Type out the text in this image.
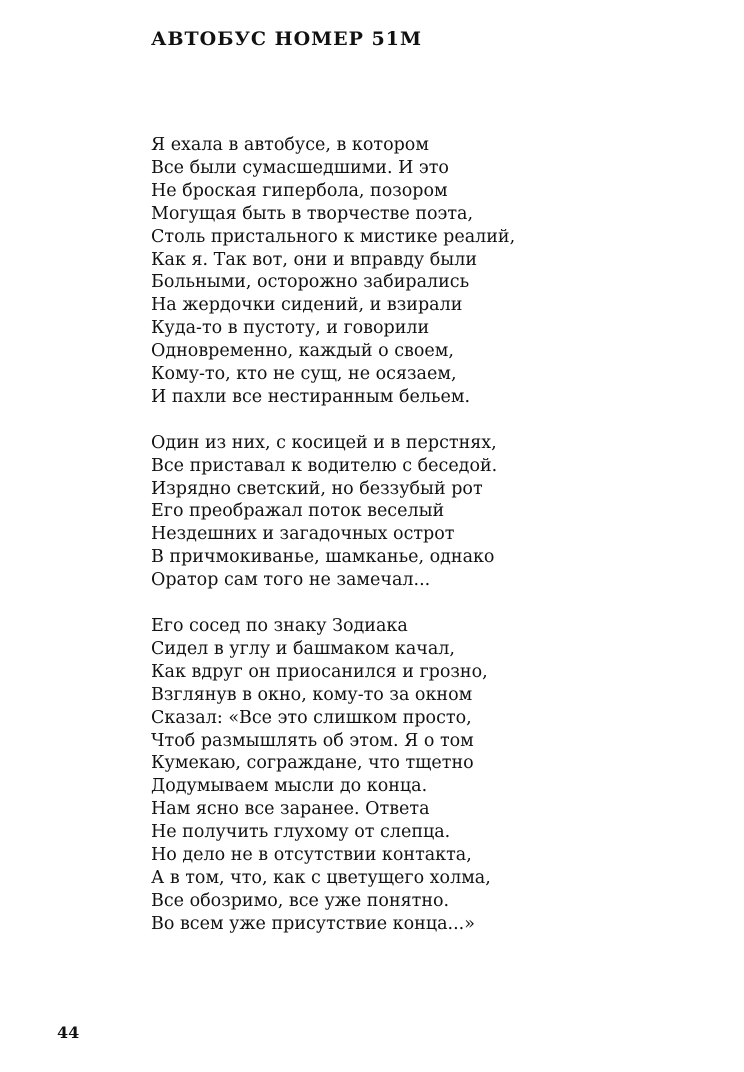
АВТОБУС НОМЕР 51М

Я ехала в автобусе, в котором
Все были сумасшедшими. И это
Не броская гипербола, позором
Могущая быть в творчестве поэта,
Столь пристального к мистике реалий,
Как я. Так вот, они и вправду были
Больными, осторожно забирались
На жердочки сидений, и взирали
Куда-то в пустоту, и говорили
Одновременно, каждый о своем,
Кому-то, кто не сущ, не осязаем,
И пахли все нестиранным бельем.

Один из них, с косицей и в перстнях,
Все приставал к водителю с беседой.
Изрядно светский, но беззубый рот
Его преображал поток веселый
Нездешних и загадочных острот
В причмокиванье, шамканье, однако
Оратор сам того не замечал...

Его сосед по знаку Зодиака
Сидел в углу и башмаком качал,
Как вдруг он приосанился и грозно,
Взглянув в окно, кому-то за окном
Сказал: «Все это слишком просто,
Чтоб размышлять об этом. Я о том
Кумекаю, сограждане, что тщетно
Додумываем мысли до конца.
Нам ясно все заранее. Ответа
Не получить глухому от слепца.
Но дело не в отсутствии контакта,
А в том, что, как с цветущего холма,
Все обозримо, все уже понятно.
Во всем уже присутствие конца...»

44
